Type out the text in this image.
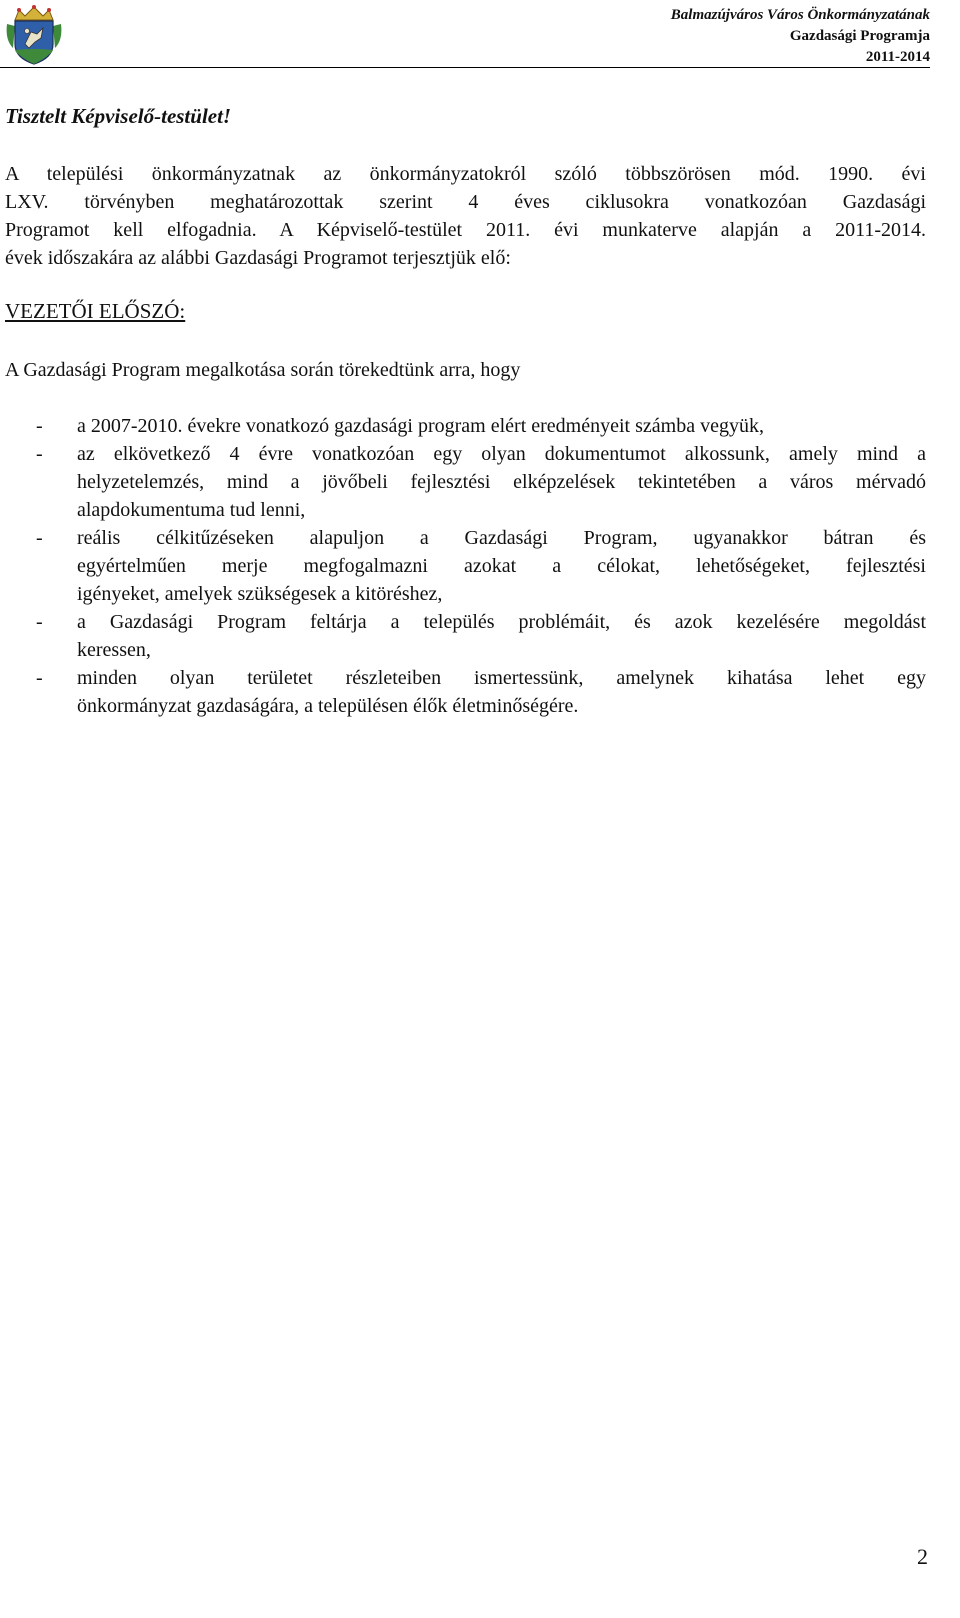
Balmazújváros Város Önkormányzatának
Gazdasági Programja
2011-2014

Tisztelt Képviselő-testület!

A települési önkormányzatnak az önkormányzatokról szóló többszörösen mód. 1990. évi
LXV. törvényben meghatározottak szerint 4 éves ciklusokra vonatkozóan Gazdasági
Programot kell elfogadnia. A Képviselő-testület 2011. évi munkaterve alapján a 2011-2014.
évek időszakára az alábbi Gazdasági Programot terjesztjük elő:

VEZETŐI ELŐSZÓ:

A Gazdasági Program megalkotása során törekedtünk arra, hogy

- a 2007-2010. évekre vonatkozó gazdasági program elért eredményeit számba vegyük,
- az elkövetkező 4 évre vonatkozóan egy olyan dokumentumot alkossunk, amely mind a
helyzetelemzés, mind a jövőbeli fejlesztési elképzelések tekintetében a város mérvadó
alapdokumentuma tud lenni,
- reális célkitűzéseken alapuljon a Gazdasági Program, ugyanakkor bátran és
egyértelműen merje megfogalmazni azokat a célokat, lehetőségeket, fejlesztési
igényeket, amelyek szükségesek a kitöréshez,
- a Gazdasági Program feltárja a település problémáit, és azok kezelésére megoldást
keressen,
- minden olyan területet részleteiben ismertessünk, amelynek kihatása lehet egy
önkormányzat gazdaságára, a településen élők életminőségére.
2
